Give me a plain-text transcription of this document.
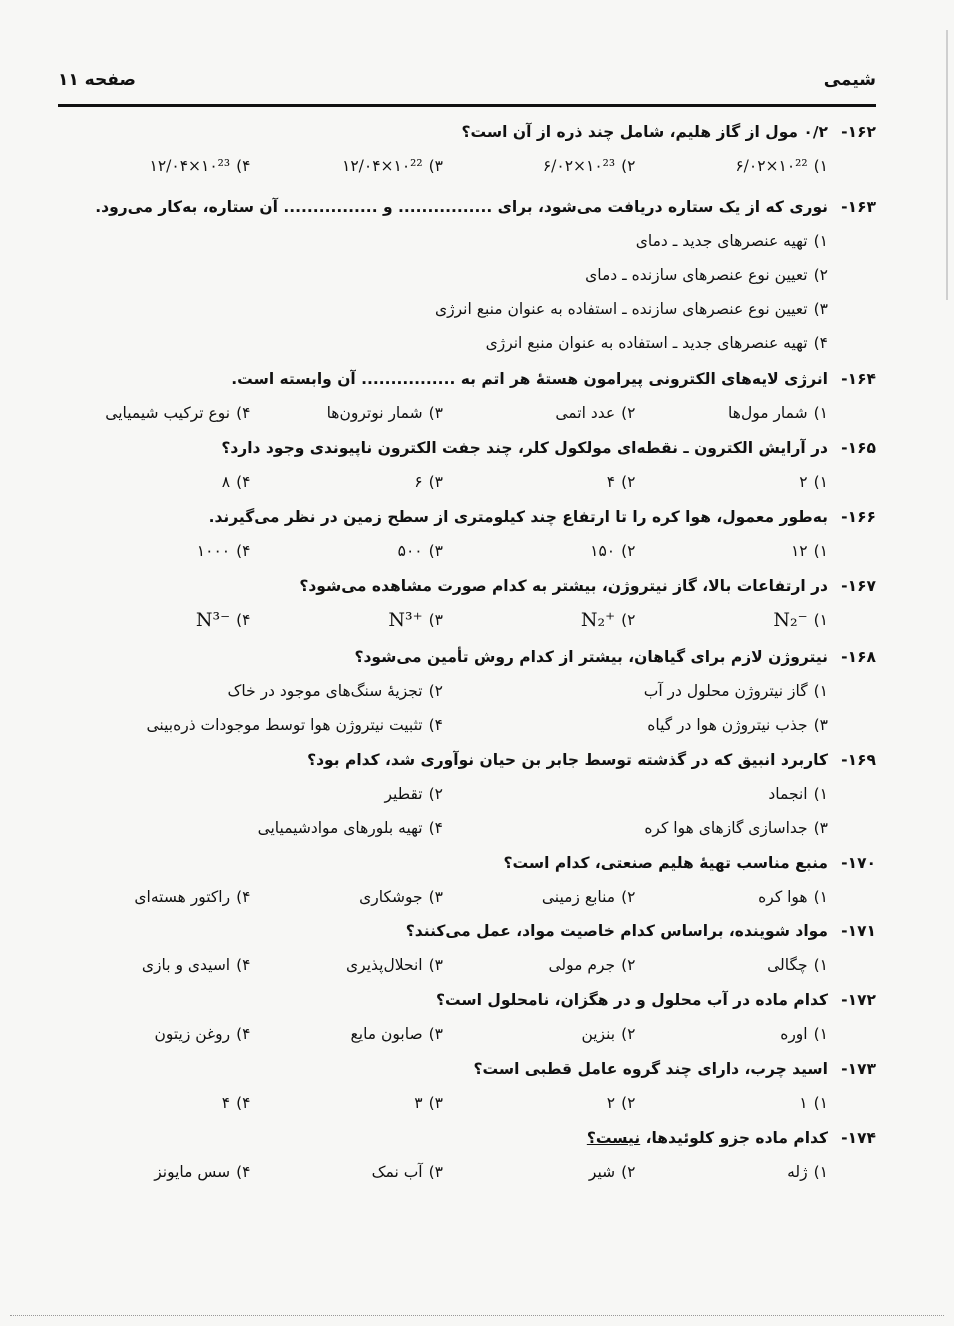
شیمی
صفحه ۱۱
۱۶۲-
۰/۲ مول از گاز هلیم، شامل چند ذره از آن است؟
۱)
۶/۰۲×۱۰²²
۲)
۶/۰۲×۱۰²³
۳)
۱۲/۰۴×۱۰²²
۴)
۱۲/۰۴×۱۰²³
۱۶۳-
نوری که از یک ستاره دریافت می‌شود، برای ................ و ................ آن ستاره، به‌کار می‌رود.
۱)
تهیه عنصرهای جدید ـ دمای
۲)
تعیین نوع عنصرهای سازنده ـ دمای
۳)
تعیین نوع عنصرهای سازنده ـ استفاده به عنوان منبع انرژی
۴)
تهیه عنصرهای جدید ـ استفاده به عنوان منبع انرژی
۱۶۴-
انرژی لایه‌های الکترونی پیرامون هستهٔ هر اتم به ................ آن وابسته است.
۱)
شمار مول‌ها
۲)
عدد اتمی
۳)
شمار نوترون‌ها
۴)
نوع ترکیب شیمیایی
۱۶۵-
در آرایش الکترون ـ نقطه‌ای مولکول کلر، چند جفت الکترون ناپیوندی وجود دارد؟
۱)
۲
۲)
۴
۳)
۶
۴)
۸
۱۶۶-
به‌طور معمول، هوا کره را تا ارتفاع چند کیلومتری از سطح زمین در نظر می‌گیرند.
۱)
۱۲
۲)
۱۵۰
۳)
۵۰۰
۴)
۱۰۰۰
۱۶۷-
در ارتفاعات بالا، گاز نیتروژن، بیشتر به کدام صورت مشاهده می‌شود؟
۱)
N₂⁻
۲)
N₂⁺
۳)
N³⁺
۴)
N³⁻
۱۶۸-
نیتروژن لازم برای گیاهان، بیشتر از کدام روش تأمین می‌شود؟
۱)
گاز نیتروژن محلول در آب
۲)
تجزیهٔ سنگ‌های موجود در خاک
۳)
جذب نیتروژن هوا در گیاه
۴)
تثبیت نیتروژن هوا توسط موجودات ذره‌بینی
۱۶۹-
کاربرد انبیق که در گذشته توسط جابر بن حیان نوآوری شد، کدام بود؟
۱)
انجماد
۲)
تقطیر
۳)
جداسازی گازهای هوا کره
۴)
تهیه بلورهای موادشیمیایی
۱۷۰-
منبع مناسب تهیهٔ هلیم صنعتی، کدام است؟
۱)
هوا کره
۲)
منابع زمینی
۳)
جوشکاری
۴)
راکتور هسته‌ای
۱۷۱-
مواد شوینده، براساس کدام خاصیت مواد، عمل می‌کنند؟
۱)
چگالی
۲)
جرم مولی
۳)
انحلال‌پذیری
۴)
اسیدی و بازی
۱۷۲-
کدام ماده در آب محلول و در هگزان، نامحلول است؟
۱)
اوره
۲)
بنزین
۳)
صابون مایع
۴)
روغن زیتون
۱۷۳-
اسید چرب، دارای چند گروه عامل قطبی است؟
۱)
۱
۲)
۲
۳)
۳
۴)
۴
۱۷۴-
کدام ماده جزو کلوئیدها، نیست؟
۱)
ژله
۲)
شیر
۳)
آب نمک
۴)
سس مایونز
